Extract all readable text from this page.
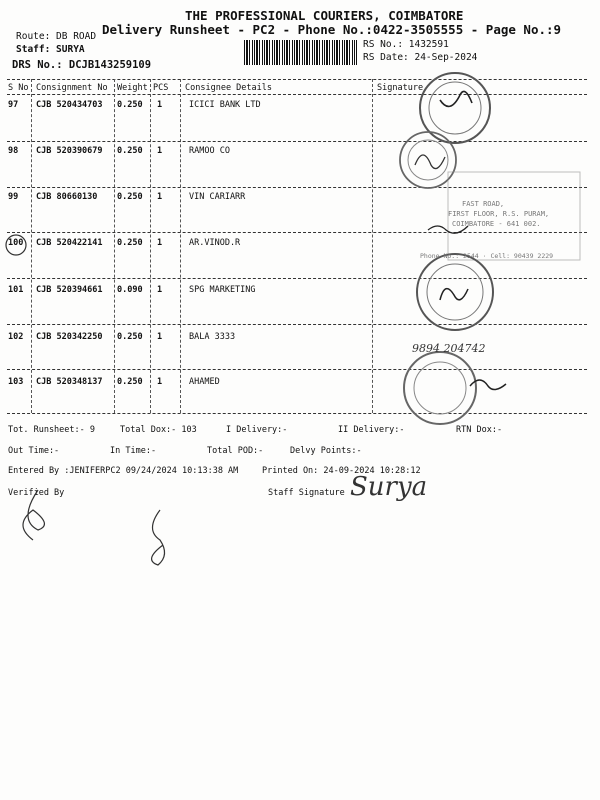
THE PROFESSIONAL COURIERS, COIMBATORE
Delivery Runsheet - PC2 - Phone No.:0422-3505555 - Page No.:9
Route: DB ROAD
Staff: SURYA
DRS No.: DCJB143259109
RS No.: 1432591
RS Date: 24-Sep-2024
S No Consignment No Weight PCS Consignee Details	Signature
97 CJB 520434703 0.250 1	ICICI BANK LTD
98 CJB 520390679 0.250 1	RAMOO CO
99 CJB 80660130 0.250 1	VIN CARIARR
100 CJB 520422141 0.250 1	AR.VINOD.R
101 CJB 520394661 0.090 1	SPG MARKETING
102 CJB 520342250 0.250 1	BALA 3333
103 CJB 520348137 0.250 1	AHAMED
Tot. Runsheet:- 9	Total Dox:- 103	I Delivery:-	II Delivery:-	RTN Dox:-
Out Time:-	In Time:-	Total POD:-	Delvy Points:-
Entered By :JENIFERPC2 09/24/2024 10:13:38 AM	Printed On: 24-09-2024 10:28:12
Verified By	Staff Signature
FAST ROAD,
FIRST FLOOR, R.S. PURAM,
COIMBATORE - 641 002.
Phone No.: 2544 · Cell: 90439 2229
9894 204742
Surya
